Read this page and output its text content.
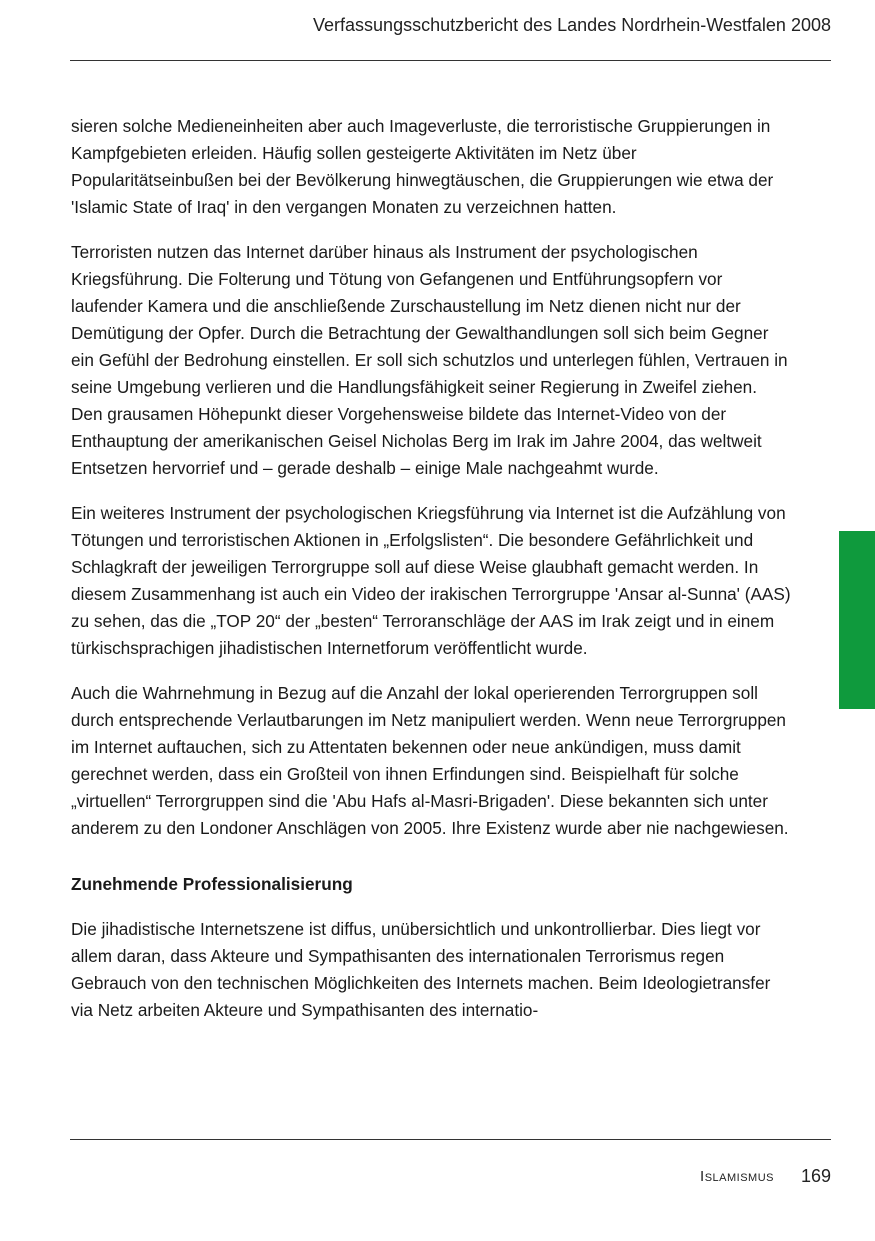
Verfassungsschutzbericht des Landes Nordrhein-Westfalen 2008

sieren solche Medieneinheiten aber auch Imageverluste, die terroristische Gruppierungen in Kampfgebieten erleiden. Häufig sollen gesteigerte Aktivitäten im Netz über Popularitätseinbußen bei der Bevölkerung hinwegtäuschen, die Gruppierungen wie etwa der 'Islamic State of Iraq' in den vergangen Monaten zu verzeichnen hatten.

Terroristen nutzen das Internet darüber hinaus als Instrument der psychologischen Kriegsführung. Die Folterung und Tötung von Gefangenen und Entführungsopfern vor laufender Kamera und die anschließende Zurschaustellung im Netz dienen nicht nur der Demütigung der Opfer. Durch die Betrachtung der Gewalthandlungen soll sich beim Gegner ein Gefühl der Bedrohung einstellen. Er soll sich schutzlos und unterlegen fühlen, Vertrauen in seine Umgebung verlieren und die Handlungsfähigkeit seiner Regierung in Zweifel ziehen. Den grausamen Höhepunkt dieser Vorgehensweise bildete das Internet-Video von der Enthauptung der amerikanischen Geisel Nicholas Berg im Irak im Jahre 2004, das weltweit Entsetzen hervorrief und – gerade deshalb – einige Male nachgeahmt wurde.

Ein weiteres Instrument der psychologischen Kriegsführung via Internet ist die Aufzählung von Tötungen und terroristischen Aktionen in „Erfolgslisten“. Die besondere Gefährlichkeit und Schlagkraft der jeweiligen Terrorgruppe soll auf diese Weise glaubhaft gemacht werden. In diesem Zusammenhang ist auch ein Video der irakischen Terrorgruppe 'Ansar al-Sunna' (AAS) zu sehen, das die „TOP 20“ der „besten“ Terroranschläge der AAS im Irak zeigt und in einem türkischsprachigen jihadistischen Internetforum veröffentlicht wurde.

Auch die Wahrnehmung in Bezug auf die Anzahl der lokal operierenden Terrorgruppen soll durch entsprechende Verlautbarungen im Netz manipuliert werden. Wenn neue Terrorgruppen im Internet auftauchen, sich zu Attentaten bekennen oder neue ankündigen, muss damit gerechnet werden, dass ein Großteil von ihnen Erfindungen sind. Beispielhaft für solche „virtuellen“ Terrorgruppen sind die 'Abu Hafs al-Masri-Brigaden'. Diese bekannten sich unter anderem zu den Londoner Anschlägen von 2005. Ihre Existenz wurde aber nie nachgewiesen.

Zunehmende Professionalisierung

Die jihadistische Internetszene ist diffus, unübersichtlich und unkontrollierbar. Dies liegt vor allem daran, dass Akteure und Sympathisanten des internationalen Terrorismus regen Gebrauch von den technischen Möglichkeiten des Internets machen. Beim Ideologietransfer via Netz arbeiten Akteure und Sympathisanten des internatio-

Islamismus 169
